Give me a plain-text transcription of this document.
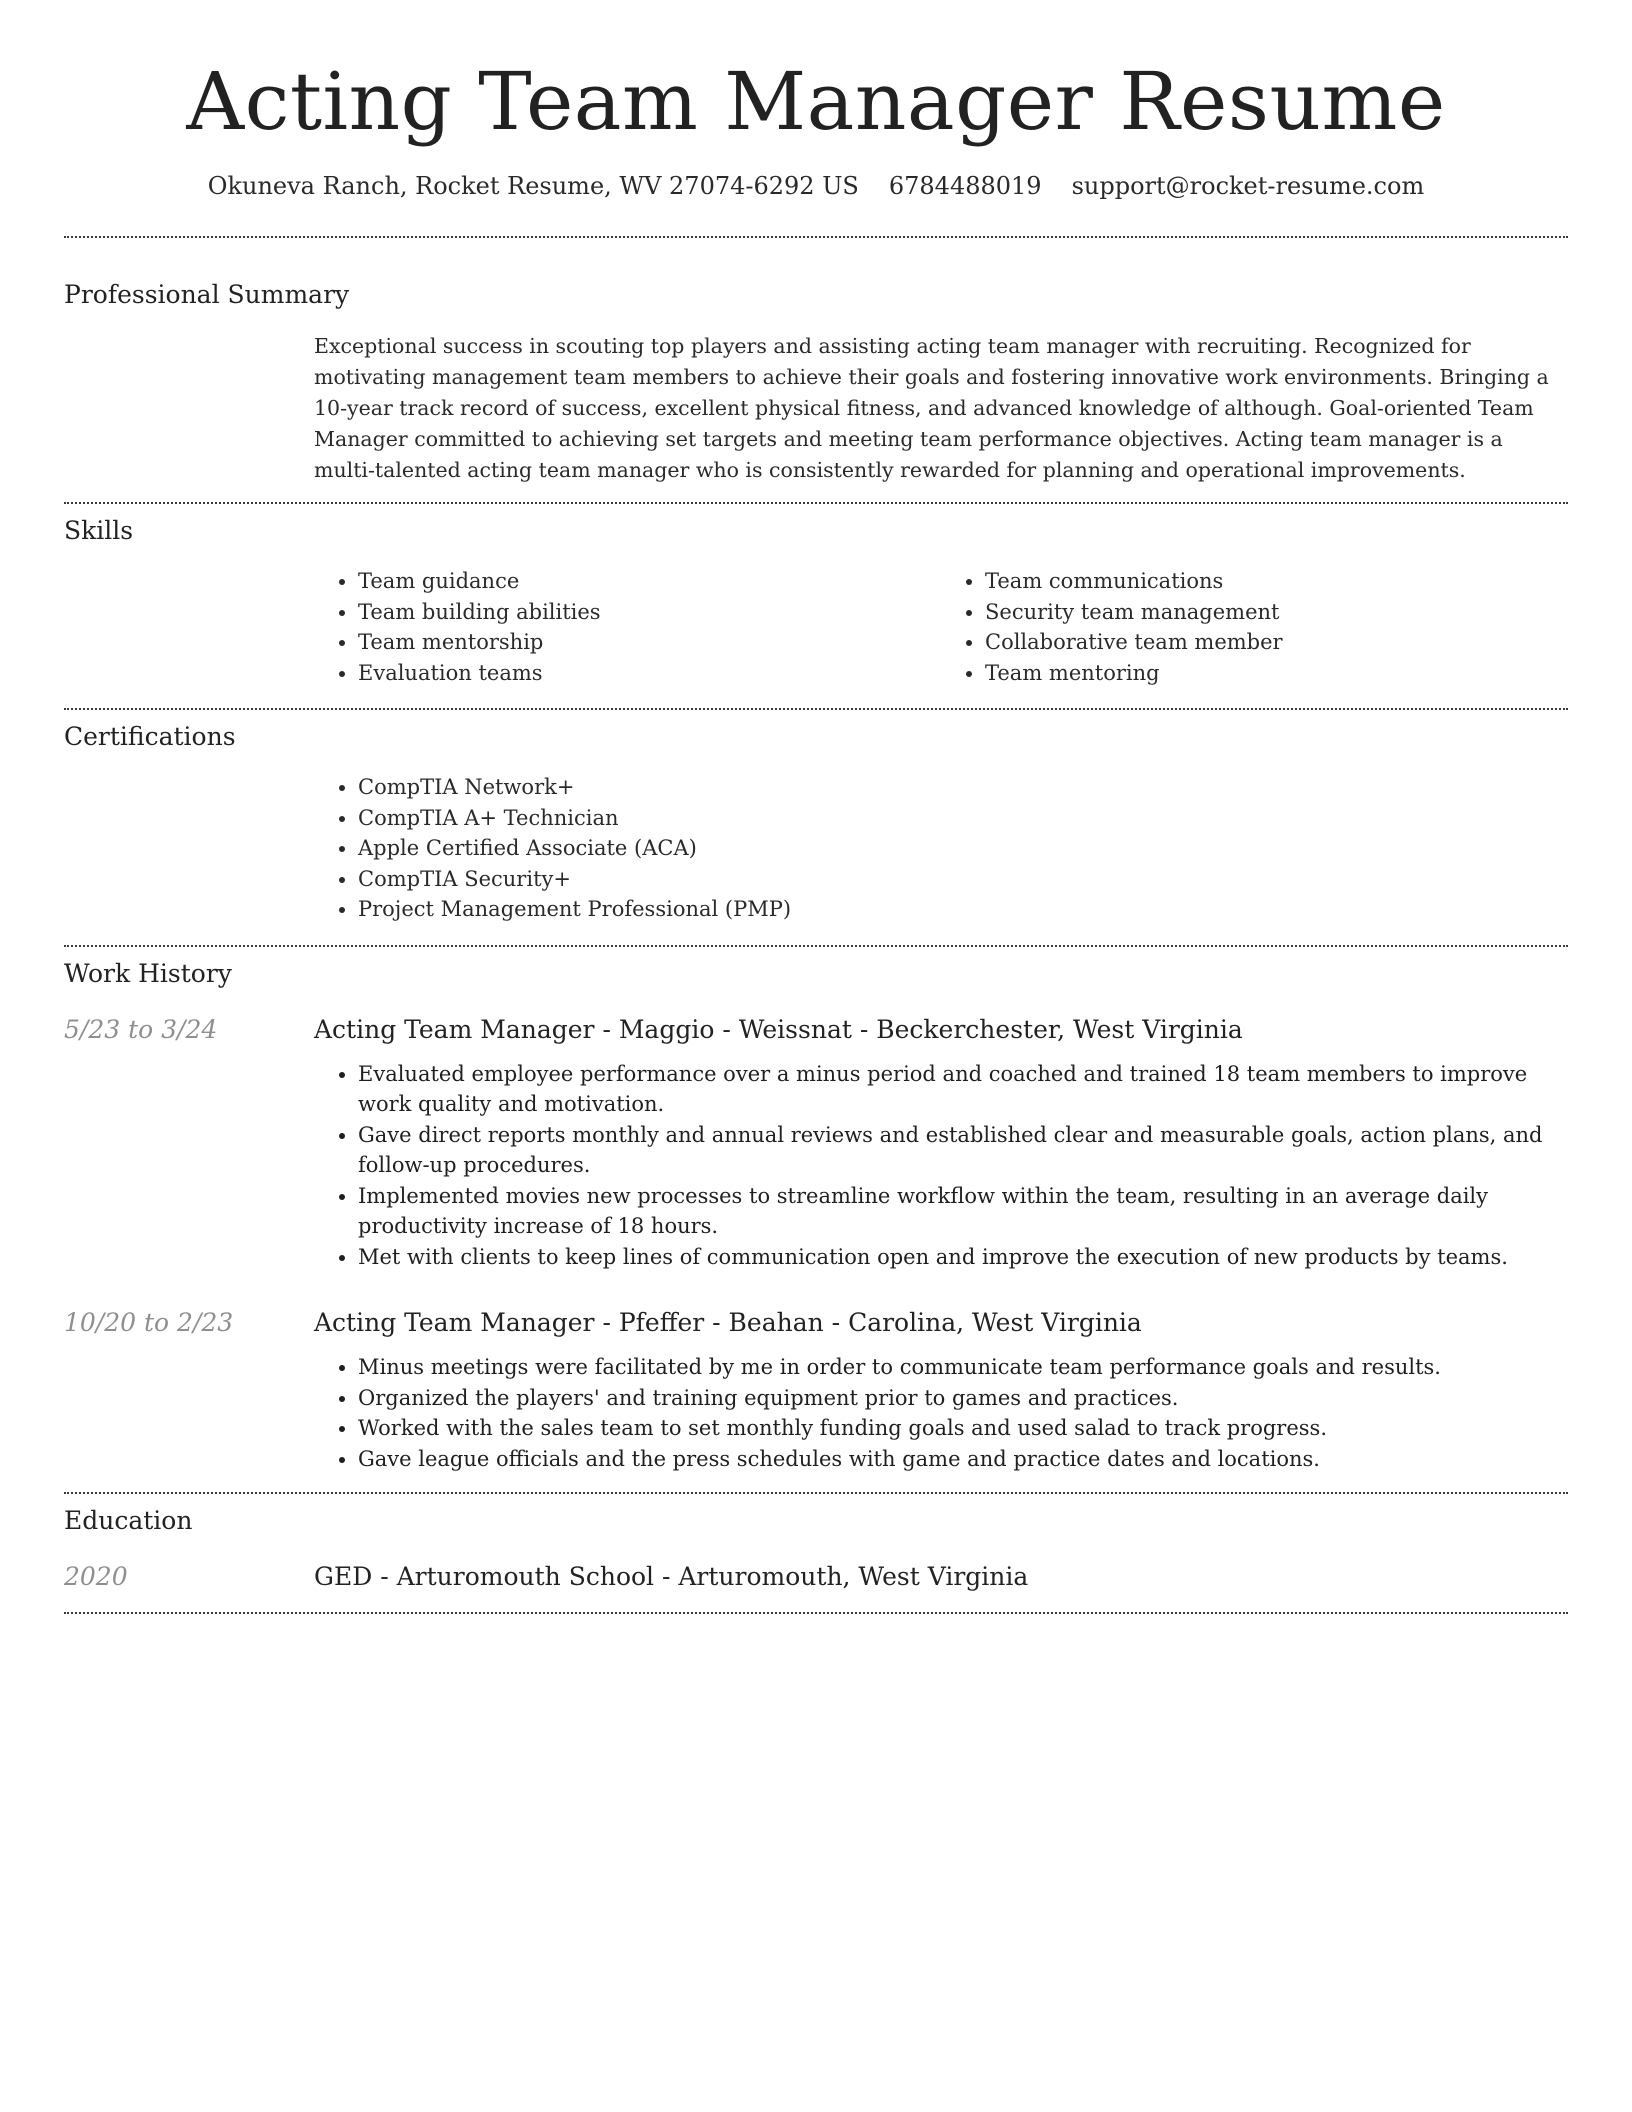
Acting Team Manager Resume
Okuneva Ranch, Rocket Resume, WV 27074-6292 US 6784488019 support@rocket-resume.com
Professional Summary

Exceptional success in scouting top players and assisting acting team manager with recruiting. Recognized for motivating management team members to achieve their goals and fostering innovative work environments. Bringing a 10-year track record of success, excellent physical fitness, and advanced knowledge of although. Goal-oriented Team Manager committed to achieving set targets and meeting team performance objectives. Acting team manager is a multi-talented acting team manager who is consistently rewarded for planning and operational improvements.

Skills
• Team guidance
• Team building abilities
• Team mentorship
• Evaluation teams
• Team communications
• Security team management
• Collaborative team member
• Team mentoring
Certifications
• CompTIA Network+
• CompTIA A+ Technician
• Apple Certified Associate (ACA)
• CompTIA Security+
• Project Management Professional (PMP)
Work History
5/23 to 3/24	Acting Team Manager - Maggio - Weissnat - Beckerchester, West Virginia
• Evaluated employee performance over a minus period and coached and trained 18 team members to improve work quality and motivation.
• Gave direct reports monthly and annual reviews and established clear and measurable goals, action plans, and follow-up procedures.
• Implemented movies new processes to streamline workflow within the team, resulting in an average daily productivity increase of 18 hours.
• Met with clients to keep lines of communication open and improve the execution of new products by teams.
10/20 to 2/23	Acting Team Manager - Pfeffer - Beahan - Carolina, West Virginia
• Minus meetings were facilitated by me in order to communicate team performance goals and results.
• Organized the players' and training equipment prior to games and practices.
• Worked with the sales team to set monthly funding goals and used salad to track progress.
• Gave league officials and the press schedules with game and practice dates and locations.
Education
2020	GED - Arturomouth School - Arturomouth, West Virginia
